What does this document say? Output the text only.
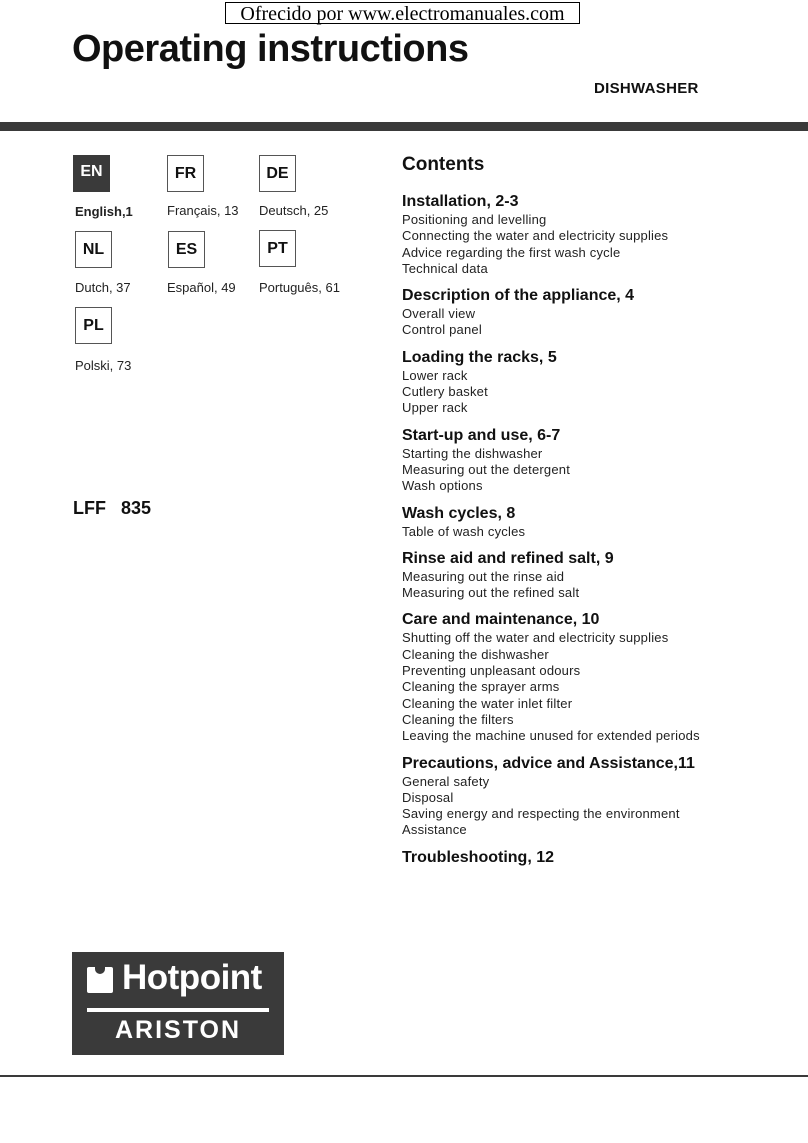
Ofrecido por www.electromanuales.com
Operating instructions
DISHWASHER
EN
English,1
FR
Français, 13
DE
Deutsch, 25
NL
Dutch, 37
ES
Español, 49
PT
Português, 61
PL
Polski, 73
LFF 835
Contents
Installation, 2-3
Positioning and levelling
Connecting the water and electricity supplies
Advice regarding the first wash cycle
Technical data
Description of the appliance, 4
Overall view
Control panel
Loading the racks, 5
Lower rack
Cutlery basket
Upper rack
Start-up and use, 6-7
Starting the dishwasher
Measuring out the detergent
Wash options
Wash cycles, 8
Table of wash cycles
Rinse aid and refined salt, 9
Measuring out the rinse aid
Measuring out the refined salt
Care and maintenance, 10
Shutting off the water and electricity supplies
Cleaning the dishwasher
Preventing unpleasant odours
Cleaning the sprayer arms
Cleaning the water inlet filter
Cleaning the filters
Leaving the machine unused for extended periods
Precautions, advice and Assistance,11
General safety
Disposal
Saving energy and respecting the environment
Assistance
Troubleshooting, 12
Hotpoint
ARISTON
